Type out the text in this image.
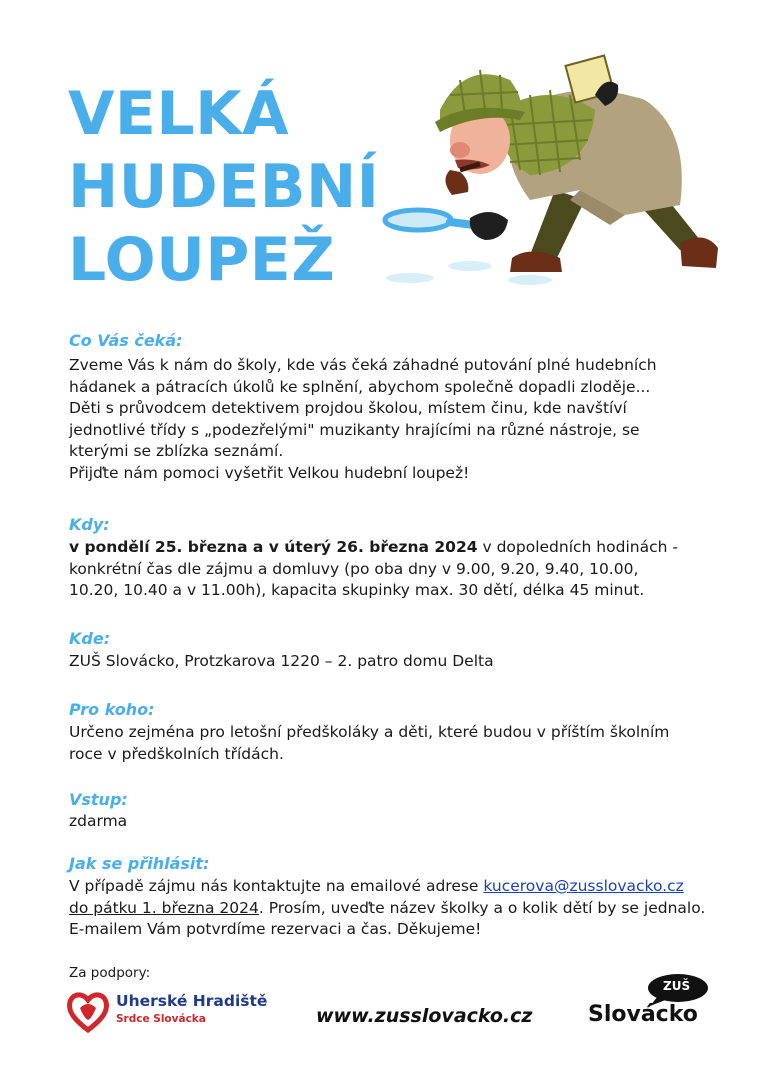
VELKÁ
HUDEBNÍ
LOUPEŽ
Co Vás čeká:
Zveme Vás k nám do školy, kde vás čeká záhadné putování plné hudebních
hádanek a pátracích úkolů ke splnění, abychom společně dopadli zloděje...
Děti s průvodcem detektivem projdou školou, místem činu, kde navštíví
jednotlivé třídy s „podezřelými" muzikanty hrajícími na různé nástroje, se
kterými se zblízka seznámí.
Přijďte nám pomoci vyšetřit Velkou hudební loupež!
Kdy:
v pondělí 25. března a v úterý 26. března 2024 v dopoledních hodinách -
konkrétní čas dle zájmu a domluvy (po oba dny v 9.00, 9.20, 9.40, 10.00,
10.20, 10.40 a v 11.00h), kapacita skupinky max. 30 dětí, délka 45 minut.
Kde:
ZUŠ Slovácko, Protzkarova 1220 – 2. patro domu Delta
Pro koho:
Určeno zejména pro letošní předškoláky a děti, které budou v příštím školním
roce v předškolních třídách.
Vstup:
zdarma
Jak se přihlásit:
V případě zájmu nás kontaktujte na emailové adrese kucerova@zusslovacko.cz
do pátku 1. března 2024. Prosím, uveďte název školky a o kolik dětí by se jednalo.
E-mailem Vám potvrdíme rezervaci a čas. Děkujeme!
Za podpory:
Uherské Hradiště
Srdce Slovácka	www.zusslovacko.cz
ZUŠ
Slovácko
